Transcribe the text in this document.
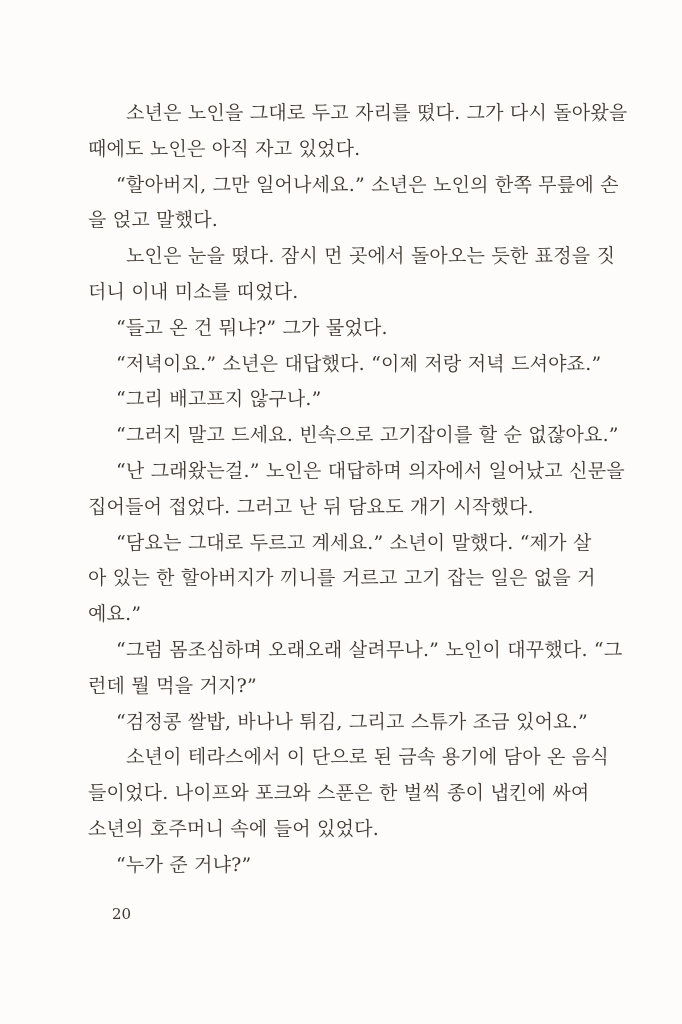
소년은 노인을 그대로 두고 자리를 떴다. 그가 다시 돌아왔을
때에도 노인은 아직 자고 있었다.
“할아버지, 그만 일어나세요.” 소년은 노인의 한쪽 무릎에 손
을 얹고 말했다.
노인은 눈을 떴다. 잠시 먼 곳에서 돌아오는 듯한 표정을 짓
더니 이내 미소를 띠었다.
“들고 온 건 뭐냐?” 그가 물었다.
“저녁이요.” 소년은 대답했다. “이제 저랑 저녁 드셔야죠.”
“그리 배고프지 않구나.”
“그러지 말고 드세요. 빈속으로 고기잡이를 할 순 없잖아요.”
“난 그래왔는걸.” 노인은 대답하며 의자에서 일어났고 신문을
집어들어 접었다. 그러고 난 뒤 담요도 개기 시작했다.
“담요는 그대로 두르고 계세요.” 소년이 말했다. “제가 살
아 있는 한 할아버지가 끼니를 거르고 고기 잡는 일은 없을 거
예요.”
“그럼 몸조심하며 오래오래 살려무나.” 노인이 대꾸했다. “그
런데 뭘 먹을 거지?”
“검정콩 쌀밥, 바나나 튀김, 그리고 스튜가 조금 있어요.”
소년이 테라스에서 이 단으로 된 금속 용기에 담아 온 음식
들이었다. 나이프와 포크와 스푼은 한 벌씩 종이 냅킨에 싸여
소년의 호주머니 속에 들어 있었다.
“누가 준 거냐?”
20
